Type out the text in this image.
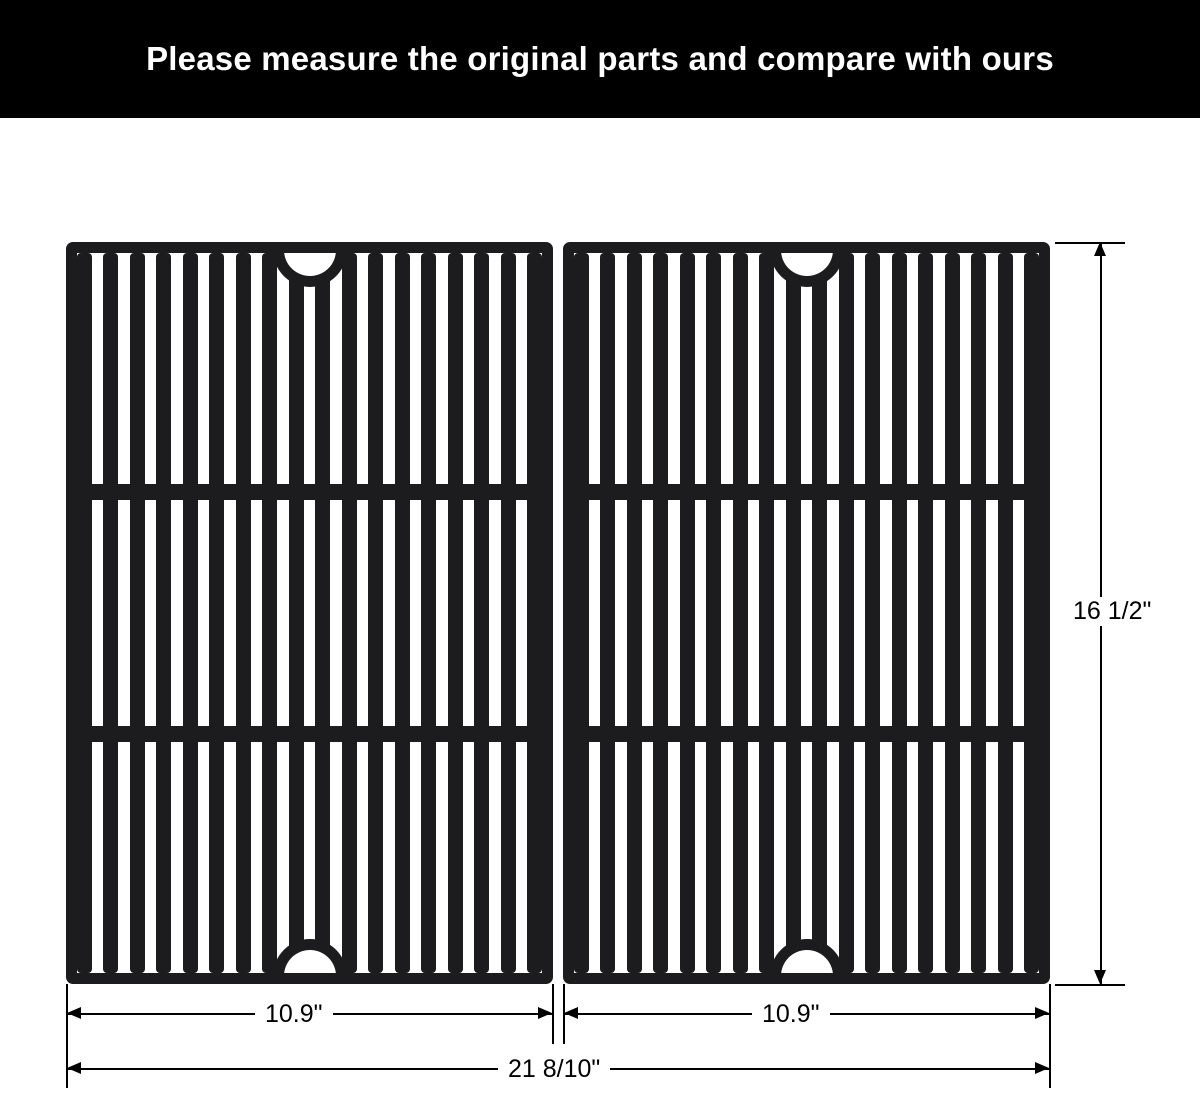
Please measure the original parts and compare with ours
16 1/2"
10.9"	10.9"
21 8/10"
